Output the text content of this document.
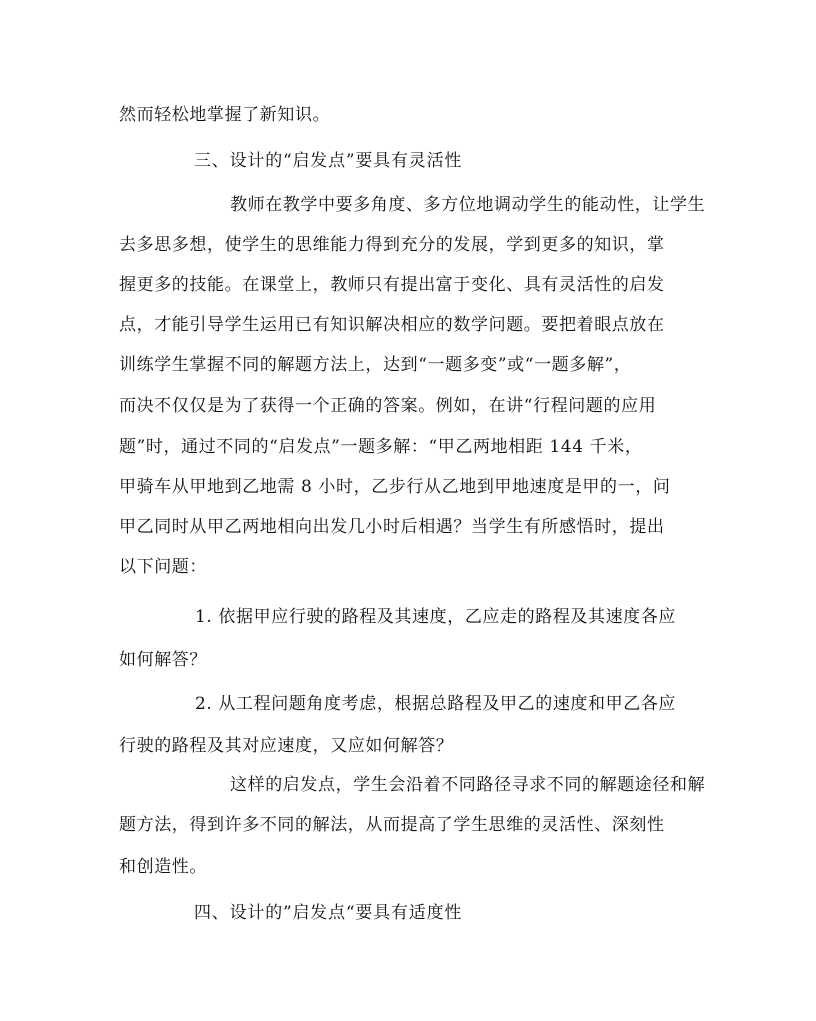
然而轻松地掌握了新知识。
三、设计的“启发点”要具有灵活性
教师在教学中要多角度、多方位地调动学生的能动性，让学生
去多思多想，使学生的思维能力得到充分的发展，学到更多的知识，掌
握更多的技能。在课堂上，教师只有提出富于变化、具有灵活性的启发
点，才能引导学生运用已有知识解决相应的数学问题。要把着眼点放在
训练学生掌握不同的解题方法上，达到“一题多变”或“一题多解”，
而决不仅仅是为了获得一个正确的答案。例如，在讲“行程问题的应用
题”时，通过不同的“启发点”一题多解：“甲乙两地相距 144 千米，
甲骑车从甲地到乙地需 8 小时，乙步行从乙地到甲地速度是甲的一，问
甲乙同时从甲乙两地相向出发几小时后相遇？当学生有所感悟时，提出
以下问题：
1. 依据甲应行驶的路程及其速度，乙应走的路程及其速度各应
如何解答？
2. 从工程问题角度考虑，根据总路程及甲乙的速度和甲乙各应
行驶的路程及其对应速度，又应如何解答？
这样的启发点，学生会沿着不同路径寻求不同的解题途径和解
题方法，得到许多不同的解法，从而提高了学生思维的灵活性、深刻性
和创造性。
四、设计的”启发点“要具有适度性
